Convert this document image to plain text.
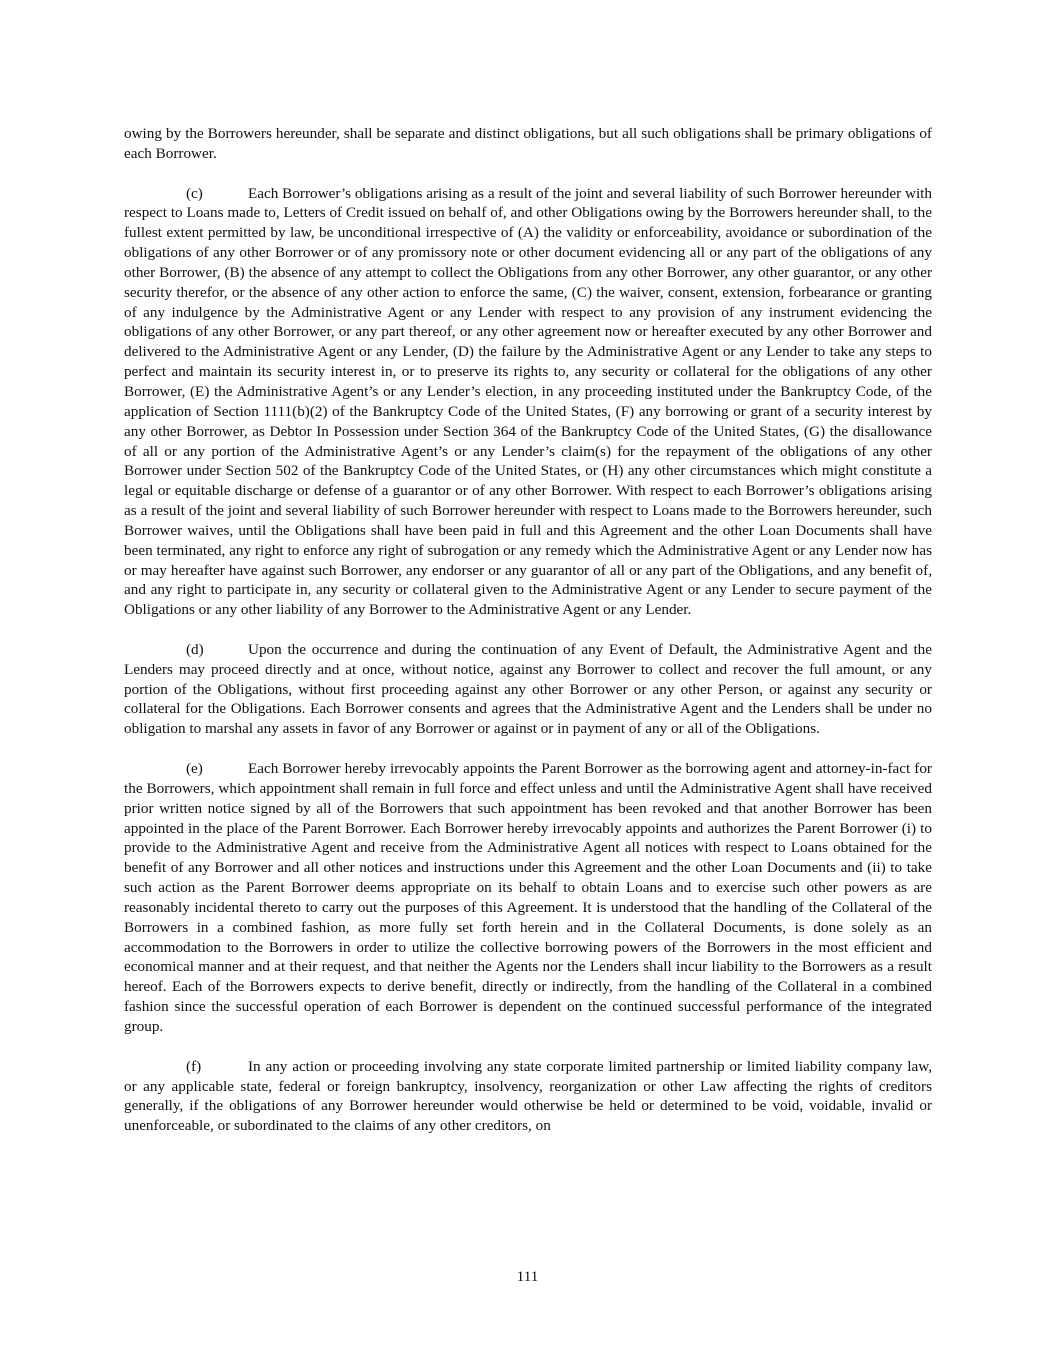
owing by the Borrowers hereunder, shall be separate and distinct obligations, but all such obligations shall be primary obligations of each Borrower.

(c)	Each Borrower’s obligations arising as a result of the joint and several liability of such Borrower hereunder with respect to Loans made to, Letters of Credit issued on behalf of, and other Obligations owing by the Borrowers hereunder shall, to the fullest extent permitted by law, be unconditional irrespective of (A) the validity or enforceability, avoidance or subordination of the obligations of any other Borrower or of any promissory note or other document evidencing all or any part of the obligations of any other Borrower, (B) the absence of any attempt to collect the Obligations from any other Borrower, any other guarantor, or any other security therefor, or the absence of any other action to enforce the same, (C) the waiver, consent, extension, forbearance or granting of any indulgence by the Administrative Agent or any Lender with respect to any provision of any instrument evidencing the obligations of any other Borrower, or any part thereof, or any other agreement now or hereafter executed by any other Borrower and delivered to the Administrative Agent or any Lender, (D) the failure by the Administrative Agent or any Lender to take any steps to perfect and maintain its security interest in, or to preserve its rights to, any security or collateral for the obligations of any other Borrower, (E) the Administrative Agent’s or any Lender’s election, in any proceeding instituted under the Bankruptcy Code, of the application of Section 1111(b)(2) of the Bankruptcy Code of the United States, (F) any borrowing or grant of a security interest by any other Borrower, as Debtor In Possession under Section 364 of the Bankruptcy Code of the United States, (G) the disallowance of all or any portion of the Administrative Agent’s or any Lender’s claim(s) for the repayment of the obligations of any other Borrower under Section 502 of the Bankruptcy Code of the United States, or (H) any other circumstances which might constitute a legal or equitable discharge or defense of a guarantor or of any other Borrower. With respect to each Borrower’s obligations arising as a result of the joint and several liability of such Borrower hereunder with respect to Loans made to the Borrowers hereunder, such Borrower waives, until the Obligations shall have been paid in full and this Agreement and the other Loan Documents shall have been terminated, any right to enforce any right of subrogation or any remedy which the Administrative Agent or any Lender now has or may hereafter have against such Borrower, any endorser or any guarantor of all or any part of the Obligations, and any benefit of, and any right to participate in, any security or collateral given to the Administrative Agent or any Lender to secure payment of the Obligations or any other liability of any Borrower to the Administrative Agent or any Lender.

(d)	Upon the occurrence and during the continuation of any Event of Default, the Administrative Agent and the Lenders may proceed directly and at once, without notice, against any Borrower to collect and recover the full amount, or any portion of the Obligations, without first proceeding against any other Borrower or any other Person, or against any security or collateral for the Obligations. Each Borrower consents and agrees that the Administrative Agent and the Lenders shall be under no obligation to marshal any assets in favor of any Borrower or against or in payment of any or all of the Obligations.

(e)	Each Borrower hereby irrevocably appoints the Parent Borrower as the borrowing agent and attorney-in-fact for the Borrowers, which appointment shall remain in full force and effect unless and until the Administrative Agent shall have received prior written notice signed by all of the Borrowers that such appointment has been revoked and that another Borrower has been appointed in the place of the Parent Borrower. Each Borrower hereby irrevocably appoints and authorizes the Parent Borrower (i) to provide to the Administrative Agent and receive from the Administrative Agent all notices with respect to Loans obtained for the benefit of any Borrower and all other notices and instructions under this Agreement and the other Loan Documents and (ii) to take such action as the Parent Borrower deems appropriate on its behalf to obtain Loans and to exercise such other powers as are reasonably incidental thereto to carry out the purposes of this Agreement. It is understood that the handling of the Collateral of the Borrowers in a combined fashion, as more fully set forth herein and in the Collateral Documents, is done solely as an accommodation to the Borrowers in order to utilize the collective borrowing powers of the Borrowers in the most efficient and economical manner and at their request, and that neither the Agents nor the Lenders shall incur liability to the Borrowers as a result hereof. Each of the Borrowers expects to derive benefit, directly or indirectly, from the handling of the Collateral in a combined fashion since the successful operation of each Borrower is dependent on the continued successful performance of the integrated group.

(f)	In any action or proceeding involving any state corporate limited partnership or limited liability company law, or any applicable state, federal or foreign bankruptcy, insolvency, reorganization or other Law affecting the rights of creditors generally, if the obligations of any Borrower hereunder would otherwise be held or determined to be void, voidable, invalid or unenforceable, or subordinated to the claims of any other creditors, on

111
